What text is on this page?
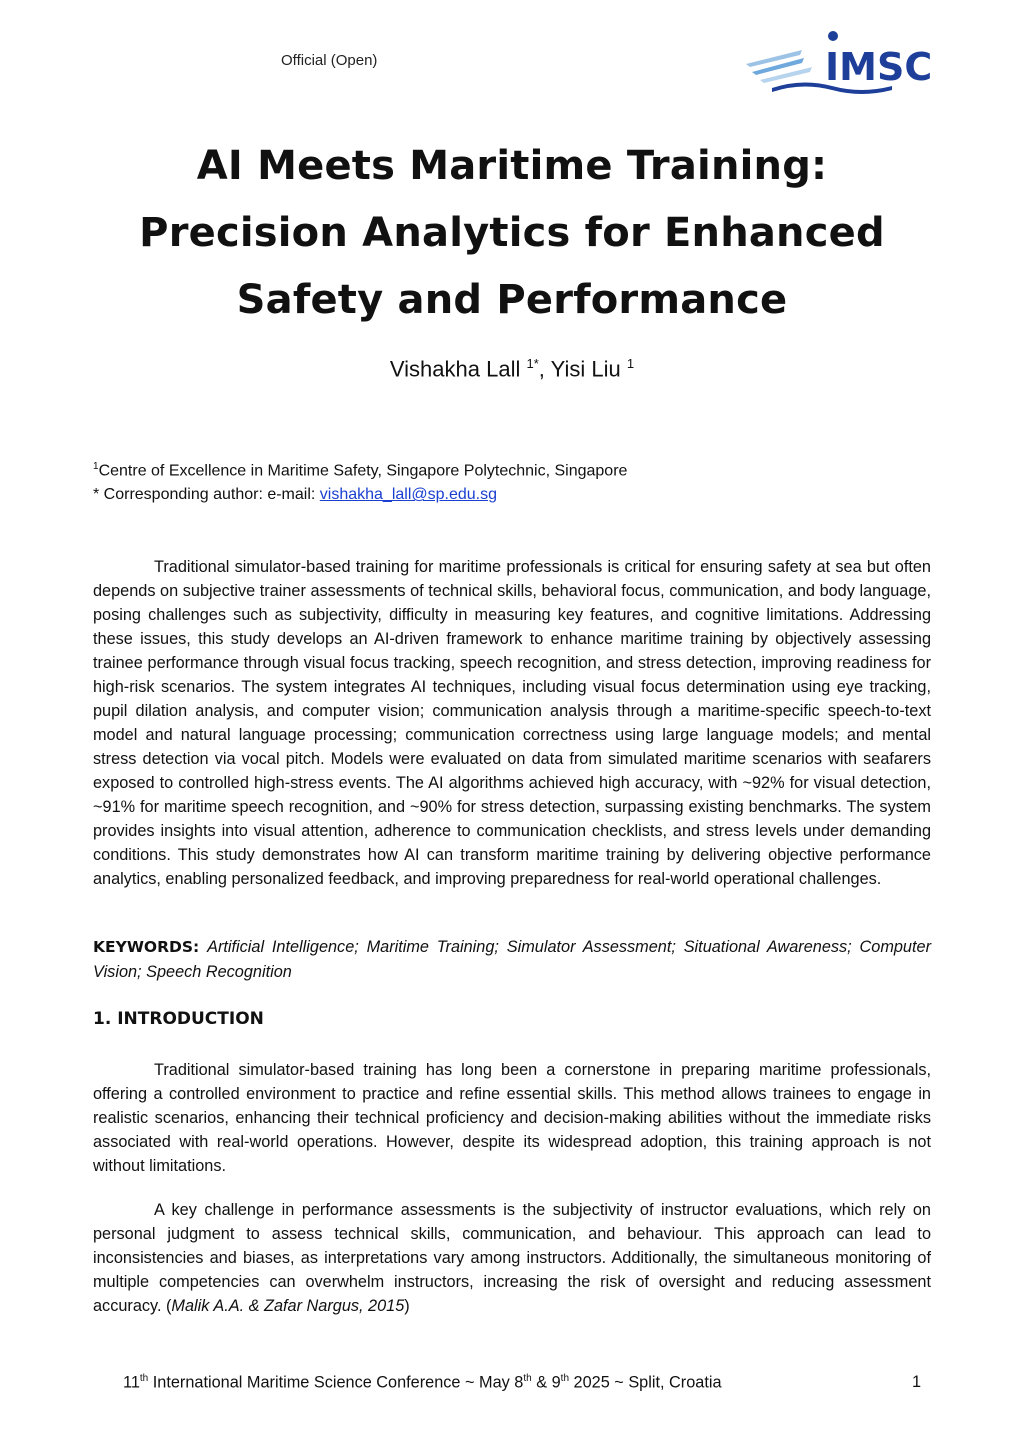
Official (Open)	IMSC
AI Meets Maritime Training:
Precision Analytics for Enhanced
Safety and Performance
Vishakha Lall $^{1*}$, Yisi Liu $^1$
$^1$Centre of Excellence in Maritime Safety, Singapore Polytechnic, Singapore
* Corresponding author: e-mail: vishakha_lall@sp.edu.sg

Traditional simulator-based training for maritime professionals is critical for ensuring safety at sea but often depends on subjective trainer assessments of technical skills, behavioral focus, communication, and body language, posing challenges such as subjectivity, difficulty in measuring key features, and cognitive limitations. Addressing these issues, this study develops an AI-driven framework to enhance maritime training by objectively assessing trainee performance through visual focus tracking, speech recognition, and stress detection, improving readiness for high-risk scenarios. The system integrates AI techniques, including visual focus determination using eye tracking, pupil dilation analysis, and computer vision; communication analysis through a maritime-specific speech-to-text model and natural language processing; communication correctness using large language models; and mental stress detection via vocal pitch. Models were evaluated on data from simulated maritime scenarios with seafarers exposed to controlled high-stress events. The AI algorithms achieved high accuracy, with ~92% for visual detection, ~91% for maritime speech recognition, and ~90% for stress detection, surpassing existing benchmarks. The system provides insights into visual attention, adherence to communication checklists, and stress levels under demanding conditions. This study demonstrates how AI can transform maritime training by delivering objective performance analytics, enabling personalized feedback, and improving preparedness for real-world operational challenges.

KEYWORDS: Artificial Intelligence; Maritime Training; Simulator Assessment; Situational Awareness; Computer Vision; Speech Recognition
1. INTRODUCTION

Traditional simulator-based training has long been a cornerstone in preparing maritime professionals, offering a controlled environment to practice and refine essential skills. This method allows trainees to engage in realistic scenarios, enhancing their technical proficiency and decision-making abilities without the immediate risks associated with real-world operations. However, despite its widespread adoption, this training approach is not without limitations.

A key challenge in performance assessments is the subjectivity of instructor evaluations, which rely on personal judgment to assess technical skills, communication, and behaviour. This approach can lead to inconsistencies and biases, as interpretations vary among instructors. Additionally, the simultaneous monitoring of multiple competencies can overwhelm instructors, increasing the risk of oversight and reducing assessment accuracy. (Malik A.A. & Zafar Nargus, 2015)

11th International Maritime Science Conference ~ May 8th & 9th 2025 ~ Split, Croatia	1
